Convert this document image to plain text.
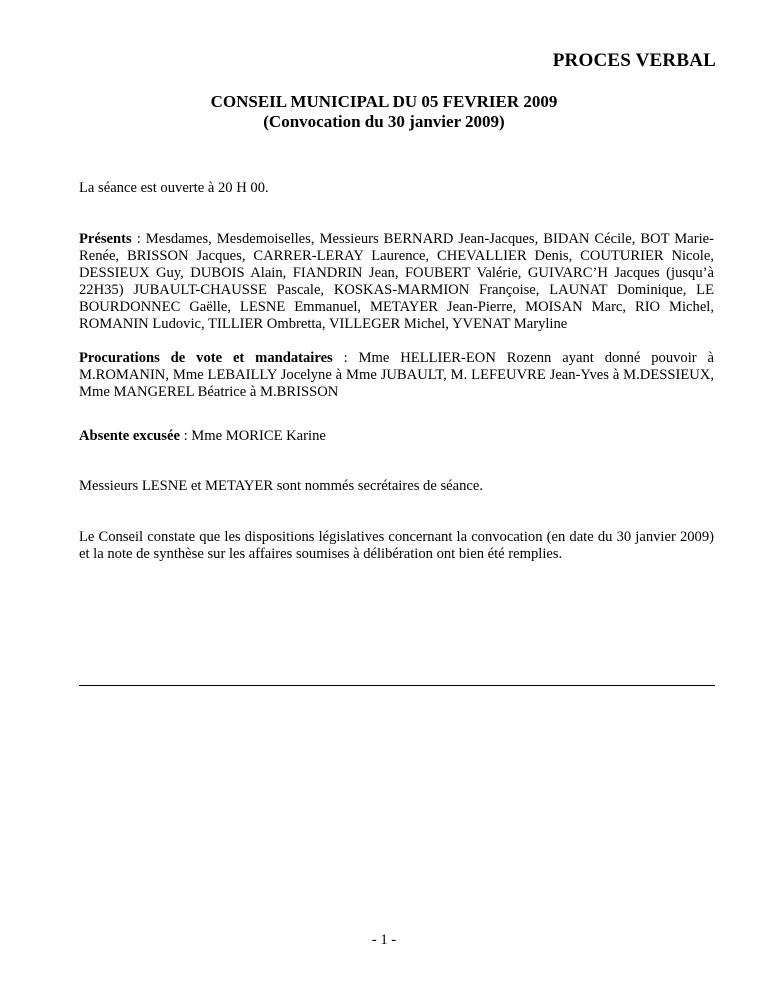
PROCES VERBAL
CONSEIL MUNICIPAL DU 05 FEVRIER 2009
(Convocation du 30 janvier 2009)

La séance est ouverte à 20 H 00.

Présents : Mesdames, Mesdemoiselles, Messieurs BERNARD Jean-Jacques, BIDAN Cécile, BOT Marie-Renée, BRISSON Jacques, CARRER-LERAY Laurence, CHEVALLIER Denis, COUTURIER Nicole, DESSIEUX Guy, DUBOIS Alain, FIANDRIN Jean, FOUBERT Valérie, GUIVARC’H Jacques (jusqu’à 22H35) JUBAULT-CHAUSSE Pascale, KOSKAS-MARMION Françoise, LAUNAT Dominique, LE BOURDONNEC Gaëlle, LESNE Emmanuel, METAYER Jean-Pierre, MOISAN Marc, RIO Michel, ROMANIN Ludovic, TILLIER Ombretta, VILLEGER Michel, YVENAT Maryline

Procurations de vote et mandataires : Mme HELLIER-EON Rozenn ayant donné pouvoir à M.ROMANIN, Mme LEBAILLY Jocelyne à Mme JUBAULT, M. LEFEUVRE Jean-Yves à M.DESSIEUX, Mme MANGEREL Béatrice à M.BRISSON

Absente excusée : Mme MORICE Karine

Messieurs LESNE et METAYER sont nommés secrétaires de séance.

Le Conseil constate que les dispositions législatives concernant la convocation (en date du 30 janvier 2009) et la note de synthèse sur les affaires soumises à délibération ont bien été remplies.

- 1 -
